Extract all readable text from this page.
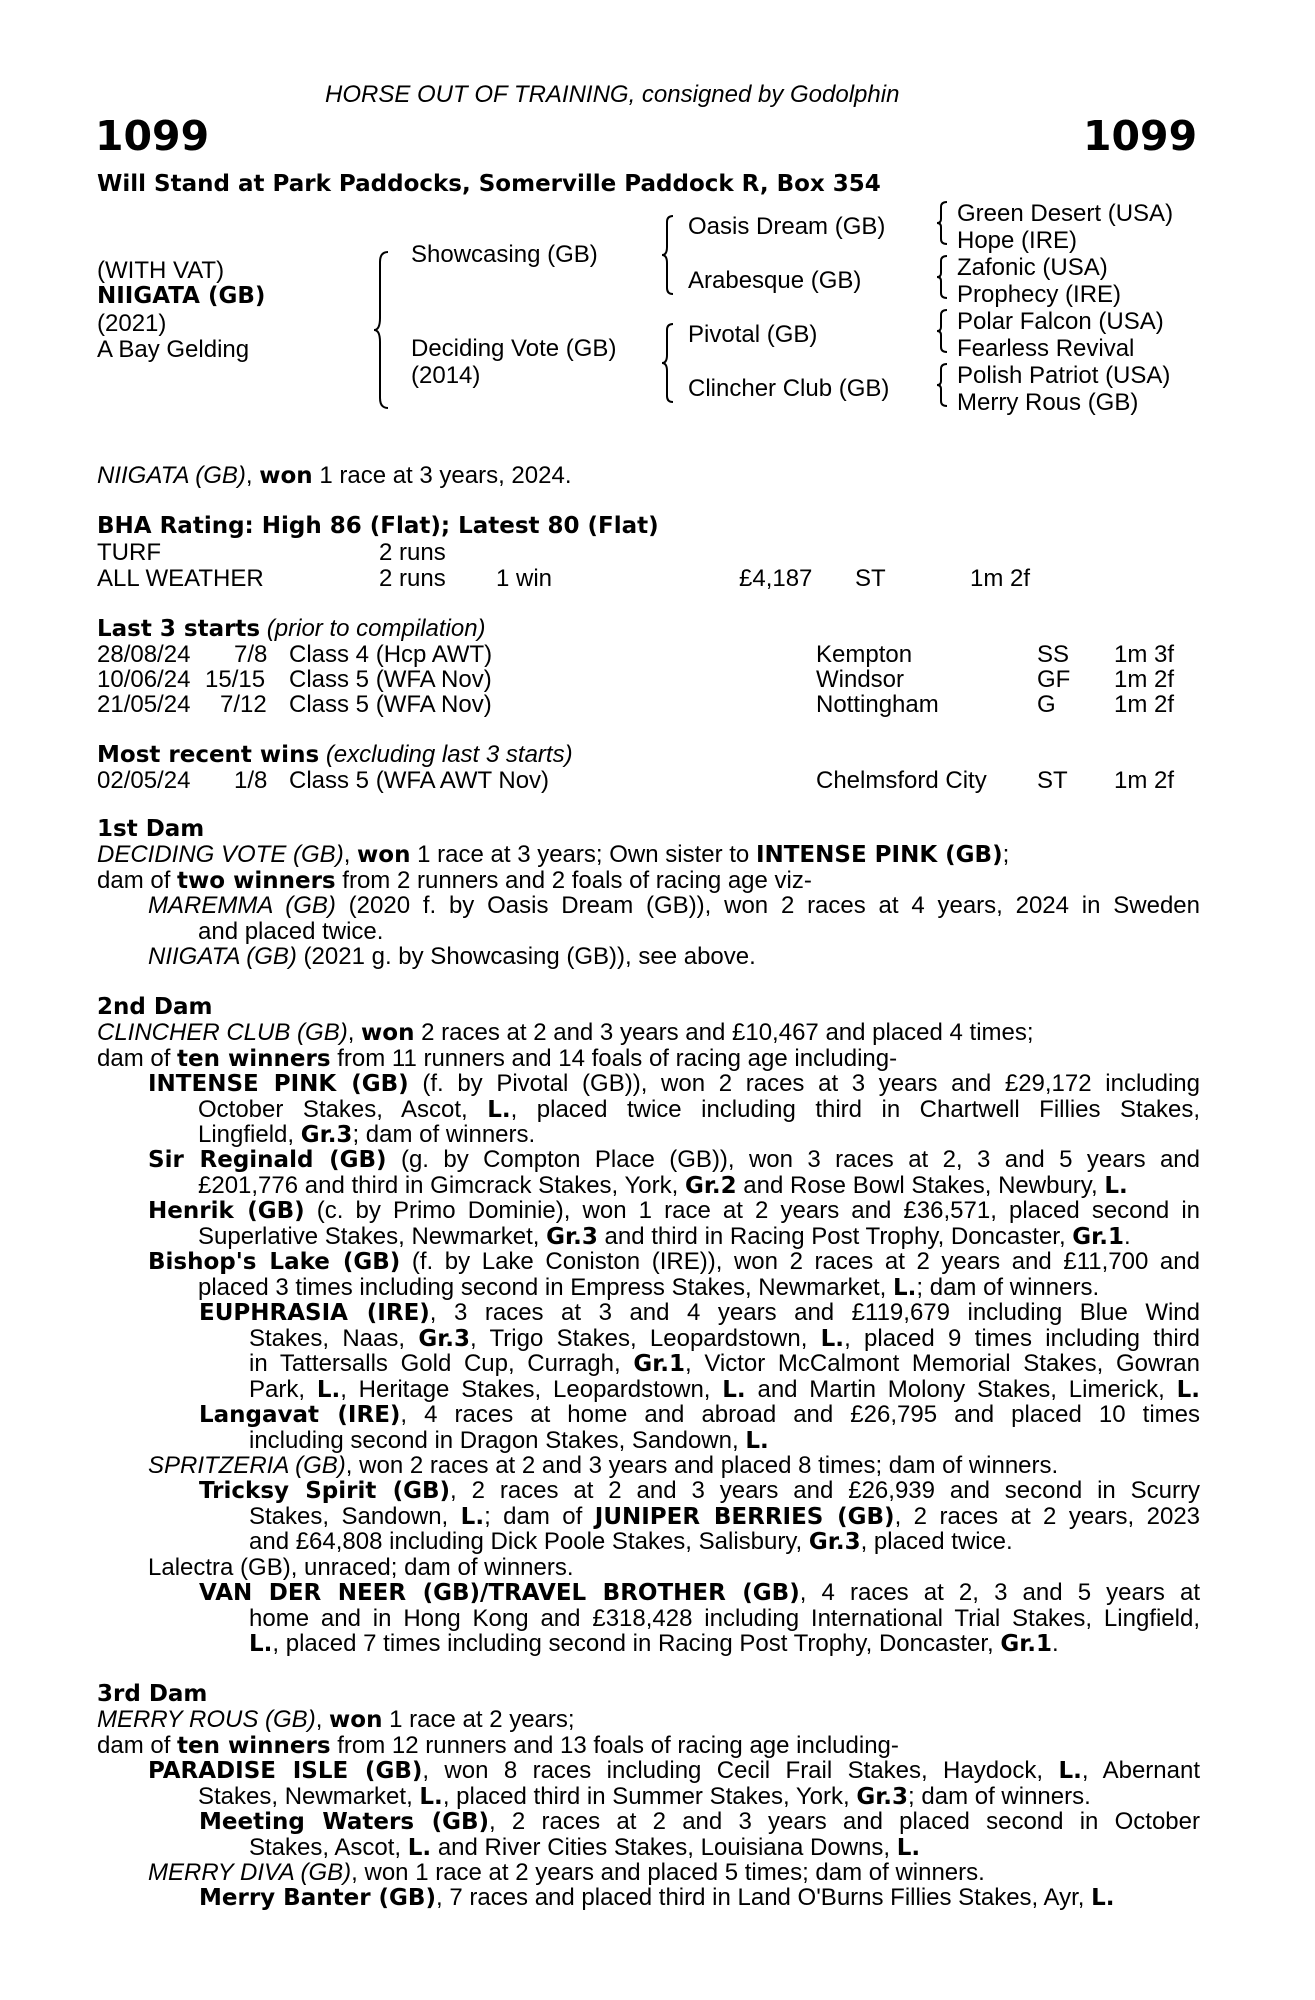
HORSE OUT OF TRAINING, consigned by Godolphin
1099	1099
Will Stand at Park Paddocks, Somerville Paddock R, Box 354
(WITH VAT)
NIIGATA (GB)
(2021)
A Bay Gelding
Showcasing (GB)
Deciding Vote (GB)
(2014)
Oasis Dream (GB)
Arabesque (GB)
Pivotal (GB)
Clincher Club (GB)
Green Desert (USA)
Hope (IRE)
Zafonic (USA)
Prophecy (IRE)
Polar Falcon (USA)
Fearless Revival
Polish Patriot (USA)
Merry Rous (GB)
NIIGATA (GB), won 1 race at 3 years, 2024.
BHA Rating: High 86 (Flat); Latest 80 (Flat)
TURF	2 runs
ALL WEATHER	2 runs 1 win	£4,187 ST	1m 2f
Last 3 starts (prior to compilation)
28/08/24 7/8 Class 4 (Hcp AWT)	Kempton	SS 1m 3f
10/06/24 15/15 Class 5 (WFA Nov)	Windsor	GF 1m 2f
21/05/24 7/12 Class 5 (WFA Nov)	Nottingham	G 1m 2f
Most recent wins (excluding last 3 starts)
02/05/24 1/8 Class 5 (WFA AWT Nov)	Chelmsford City ST 1m 2f
1st Dam
DECIDING VOTE (GB), won 1 race at 3 years; Own sister to INTENSE PINK (GB);
dam of two winners from 2 runners and 2 foals of racing age viz-
MAREMMA (GB) (2020 f. by Oasis Dream (GB)), won 2 races at 4 years, 2024 in Sweden
and placed twice.
NIIGATA (GB) (2021 g. by Showcasing (GB)), see above.
2nd Dam
CLINCHER CLUB (GB), won 2 races at 2 and 3 years and £10,467 and placed 4 times;
dam of ten winners from 11 runners and 14 foals of racing age including-
INTENSE PINK (GB) (f. by Pivotal (GB)), won 2 races at 3 years and £29,172 including
October Stakes, Ascot, L., placed twice including third in Chartwell Fillies Stakes,
Lingfield, Gr.3; dam of winners.
Sir Reginald (GB) (g. by Compton Place (GB)), won 3 races at 2, 3 and 5 years and
£201,776 and third in Gimcrack Stakes, York, Gr.2 and Rose Bowl Stakes, Newbury, L.
Henrik (GB) (c. by Primo Dominie), won 1 race at 2 years and £36,571, placed second in
Superlative Stakes, Newmarket, Gr.3 and third in Racing Post Trophy, Doncaster, Gr.1.
Bishop's Lake (GB) (f. by Lake Coniston (IRE)), won 2 races at 2 years and £11,700 and
placed 3 times including second in Empress Stakes, Newmarket, L.; dam of winners.
EUPHRASIA (IRE), 3 races at 3 and 4 years and £119,679 including Blue Wind
Stakes, Naas, Gr.3, Trigo Stakes, Leopardstown, L., placed 9 times including third
in Tattersalls Gold Cup, Curragh, Gr.1, Victor McCalmont Memorial Stakes, Gowran
Park, L., Heritage Stakes, Leopardstown, L. and Martin Molony Stakes, Limerick, L.
Langavat (IRE), 4 races at home and abroad and £26,795 and placed 10 times
including second in Dragon Stakes, Sandown, L.
SPRITZERIA (GB), won 2 races at 2 and 3 years and placed 8 times; dam of winners.
Tricksy Spirit (GB), 2 races at 2 and 3 years and £26,939 and second in Scurry
Stakes, Sandown, L.; dam of JUNIPER BERRIES (GB), 2 races at 2 years, 2023
and £64,808 including Dick Poole Stakes, Salisbury, Gr.3, placed twice.
Lalectra (GB), unraced; dam of winners.
VAN DER NEER (GB)/TRAVEL BROTHER (GB), 4 races at 2, 3 and 5 years at
home and in Hong Kong and £318,428 including International Trial Stakes, Lingfield,
L., placed 7 times including second in Racing Post Trophy, Doncaster, Gr.1.
3rd Dam
MERRY ROUS (GB), won 1 race at 2 years;
dam of ten winners from 12 runners and 13 foals of racing age including-
PARADISE ISLE (GB), won 8 races including Cecil Frail Stakes, Haydock, L., Abernant
Stakes, Newmarket, L., placed third in Summer Stakes, York, Gr.3; dam of winners.
Meeting Waters (GB), 2 races at 2 and 3 years and placed second in October
Stakes, Ascot, L. and River Cities Stakes, Louisiana Downs, L.
MERRY DIVA (GB), won 1 race at 2 years and placed 5 times; dam of winners.
Merry Banter (GB), 7 races and placed third in Land O'Burns Fillies Stakes, Ayr, L.
